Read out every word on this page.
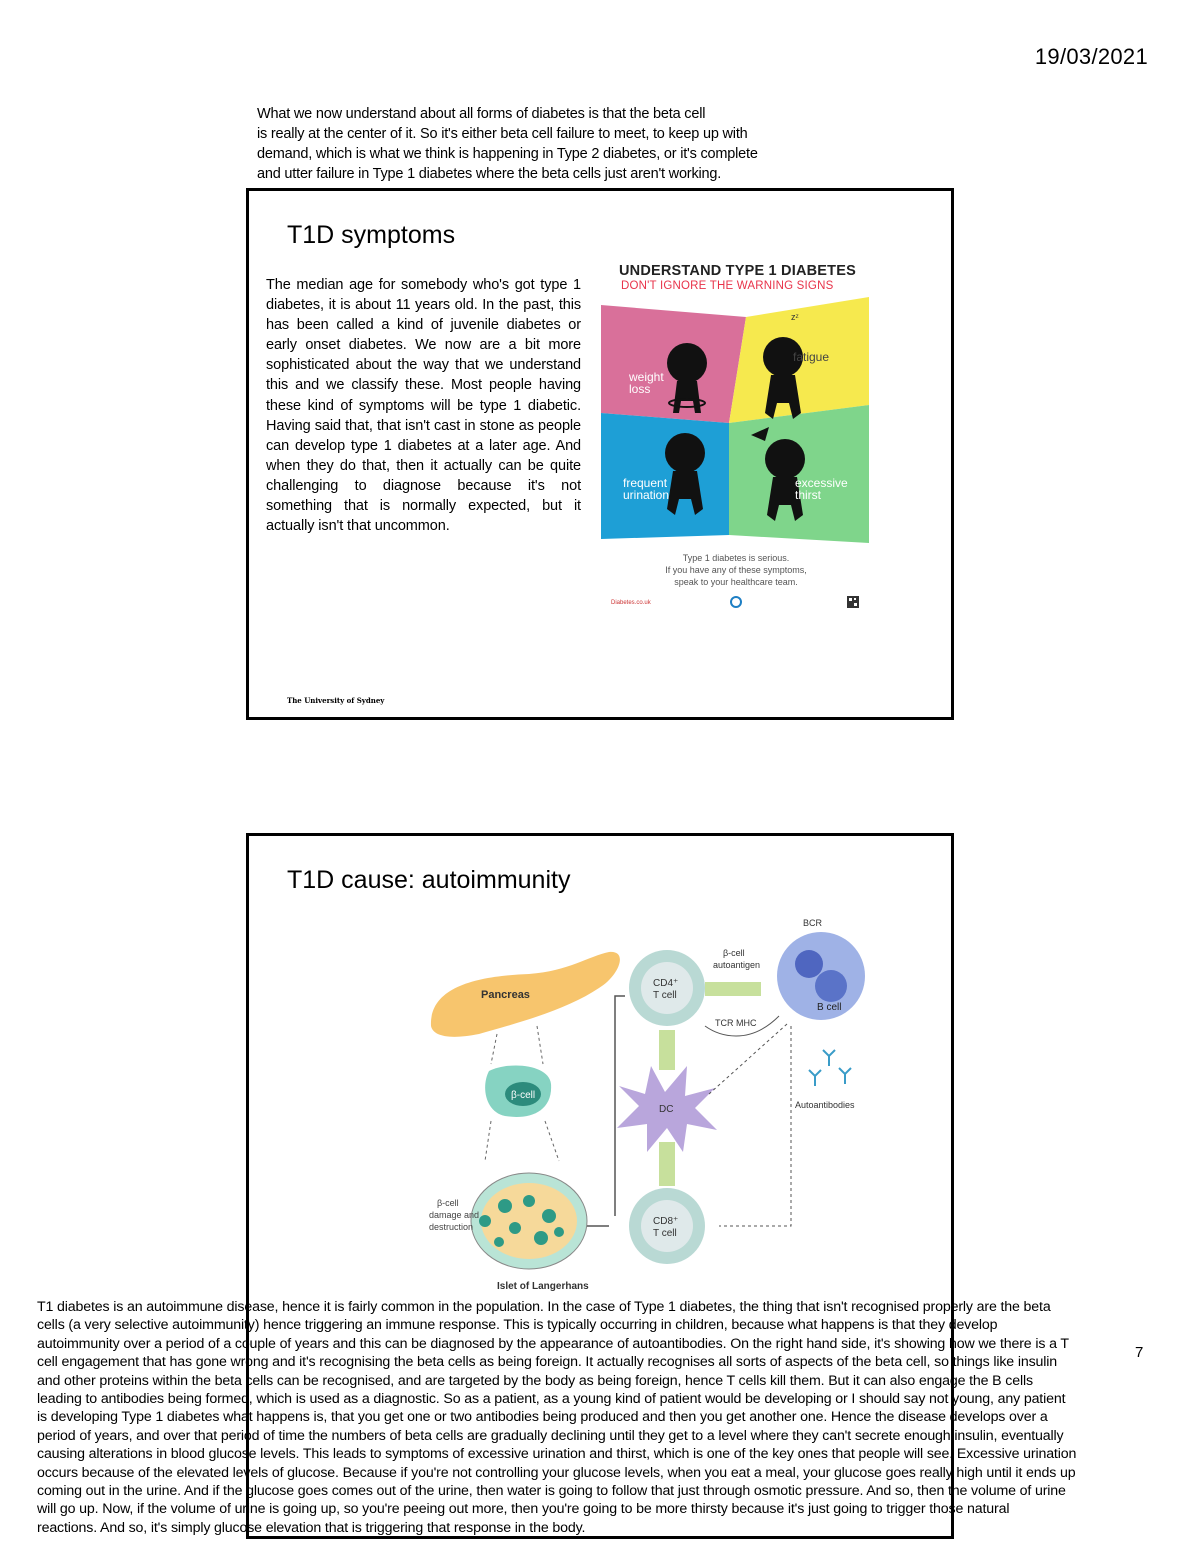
19/03/2021
What we now understand about all forms of diabetes is that the beta cell
is really at the center of it. So it's either beta cell failure to meet, to keep up with
demand, which is what we think is happening in Type 2 diabetes, or it's complete
and utter failure in Type 1 diabetes where the beta cells just aren't working.
T1D symptoms
The median age for somebody who's got type 1 diabetes, it is about 11 years old. In the past, this has been called a kind of juvenile diabetes or early onset diabetes. We now are a bit more sophisticated about the way that we understand this and we classify these. Most people having these kind of symptoms will be type 1 diabetic. Having said that, that isn't cast in stone as people can develop type 1 diabetes at a later age. And when they do that, then it actually can be quite challenging to diagnose because it's not something that is normally expected, but it actually isn't that uncommon.
UNDERSTAND TYPE 1 DIABETES
DON'T IGNORE THE WARNING SIGNS
zᶻ
weight
loss
fatigue
frequent
urination
excessive
thirst
Type 1 diabetes is serious.
If you have any of these symptoms,
speak to your healthcare team.
Diabetes.co.uk
The University of Sydney
T1D cause: autoimmunity
Pancreas
β-cell
Islet of Langerhans
β-cell
damage and
destruction
CD4⁺
T cell
CD8⁺
T cell
DC
B cell
BCR
β-cell
autoantigen
TCR MHC
Autoantibodies
T1 diabetes is an autoimmune disease, hence it is fairly common in the population. In the case of Type 1 diabetes, the thing that isn't recognised properly are the beta
cells (a very selective autoimmunity) hence triggering an immune response. This is typically occurring in children, because what happens is that they develop
autoimmunity over a period of a couple of years and this can be diagnosed by the appearance of autoantibodies. On the right hand side, it's showing how we there is a T
cell engagement that has gone wrong and it's recognising the beta cells as being foreign. It actually recognises all sorts of aspects of the beta cell, so things like insulin
and other proteins within the beta cells can be recognised, and are targeted by the body as being foreign, hence T cells kill them. But it can also engage the B cells
leading to antibodies being formed, which is used as a diagnostic. So as a patient, as a young kind of patient would be developing or I should say not young, any patient
is developing Type 1 diabetes what happens is, that you get one or two antibodies being produced and then you get another one. Hence the disease develops over a
period of years, and over that period of time the numbers of beta cells are gradually declining until they get to a level where they can't secrete enough insulin, eventually
causing alterations in blood glucose levels. This leads to symptoms of excessive urination and thirst, which is one of the key ones that people will see. Excessive urination
occurs because of the elevated levels of glucose. Because if you're not controlling your glucose levels, when you eat a meal, your glucose goes really high until it ends up
coming out in the urine. And if the glucose goes comes out of the urine, then water is going to follow that just through osmotic pressure. And so, then the volume of urine
will go up. Now, if the volume of urine is going up, so you're peeing out more, then you're going to be more thirsty because it's just going to trigger those natural
reactions. And so, it's simply glucose elevation that is triggering that response in the body.
7
